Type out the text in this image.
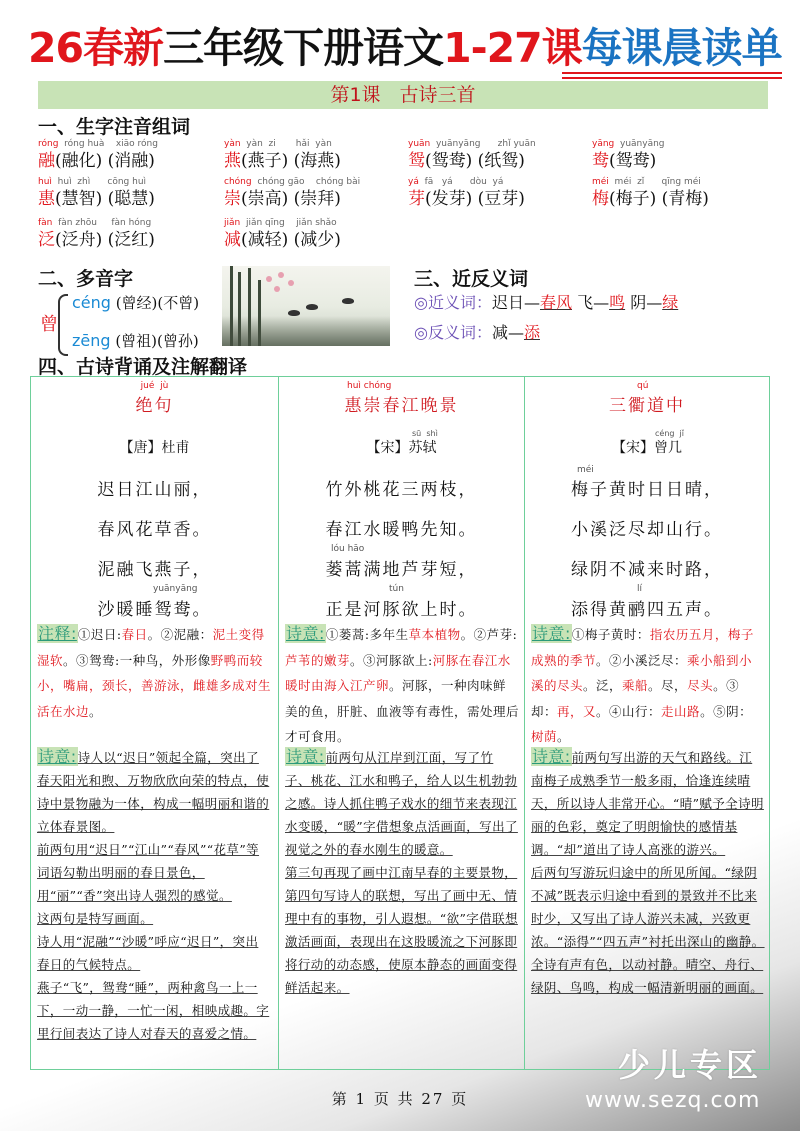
26春新三年级下册语文1-27课每课晨读单
第1课　古诗三首
一、生字注音组词
róng róng huà    xiāo róng
融(融化) (消融)
yàn yàn  zi       hǎi  yàn
燕(燕子) (海燕)
yuān yuānyāng      zhǐ yuān
鸳(鸳鸯) (纸鸳)
yāng yuānyāng
鸯(鸳鸯)
huì huì  zhì      cōng huì
惠(慧智) (聪慧)
chóng chóng gāo    chóng bài
崇(崇高) (崇拜)
yá fā   yá      dòu  yá
芽(发芽) (豆芽)
méi méi  zǐ      qīng méi
梅(梅子) (青梅)
fàn fàn zhōu     fàn hóng
泛(泛舟) (泛红)
jiǎn jiǎn qīng    jiǎn shǎo
减(减轻) (减少)
二、多音字
曾
céng (曾经)(不曾)
zēng (曾祖)(曾孙)
三、近反义词
◎近义词：迟日—春风 飞—鸣 阴—绿
◎反义词：减—添
四、古诗背诵及注解翻译
jué  jù
绝句
【唐】杜甫
迟日江山丽，
春风花草香。
泥融飞燕子，
yuānyāng
沙暖睡鸳鸯。
注释:①迟日:春日。②泥融：泥土变得湿软。③鸳鸯:一种鸟，外形像野鸭而较小，嘴扁，颈长，善游泳，雌雄多成对生活在水边。

诗意:诗人以“迟日”领起全篇，突出了春天阳光和煦、万物欣欣向荣的特点，使诗中景物融为一体，构成一幅明丽和谐的立体春景图。

前两句用“迟日”“江山”“春风”“花草”等词语勾勒出明丽的春日景色，用“丽”“香”突出诗人强烈的感觉。

这两句是特写画面。

诗人用“泥融”“沙暖”呼应“迟日”，突出春日的气候特点。

燕子“飞”，鸳鸯“睡”，两种禽鸟一上一下，一动一静，一忙一闲，相映成趣。字里行间表达了诗人对春天的喜爱之情。

huì chóng
惠崇春江晚景
sū  shì
【宋】苏轼
竹外桃花三两枝，
春江水暖鸭先知。
lóu hāo
蒌蒿满地芦芽短，
tún
正是河豚欲上时。
诗意:①蒌蒿:多年生草本植物。②芦芽:芦苇的嫩芽。③河豚欲上:河豚在春江水暖时由海入江产卵。河豚，一种肉味鲜美的鱼，肝脏、血液等有毒性，需处理后才可食用。

诗意:前两句从江岸到江面，写了竹子、桃花、江水和鸭子，给人以生机勃勃之感。诗人抓住鸭子戏水的细节来表现江水变暖，“暖”字借想象点活画面，写出了视觉之外的春水刚生的暖意。

第三句再现了画中江南早春的主要景物，第四句写诗人的联想，写出了画中无、情理中有的事物，引人遐想。“欲”字借联想激活画面，表现出在这股暖流之下河豚即将行动的动态感，使原本静态的画面变得鲜活起来。

qú
三衢道中
céng  jǐ
【宋】曾几
méi
梅子黄时日日晴，
小溪泛尽却山行。
绿阴不减来时路，
lí
添得黄鹂四五声。
诗意:①梅子黄时：指农历五月，梅子成熟的季节。②小溪泛尽：乘小船到小溪的尽头。泛，乘船。尽，尽头。③却：再，又。④山行：走山路。⑤阴：树荫。

诗意:前两句写出游的天气和路线。江南梅子成熟季节一般多雨，恰逢连续晴天，所以诗人非常开心。“晴”赋予全诗明丽的色彩，奠定了明朗愉快的感情基调。“却”道出了诗人高涨的游兴。

后两句写游玩归途中的所见所闻。“绿阴不减”既表示归途中看到的景致并不比来时少，又写出了诗人游兴未减，兴致更浓。“添得”“四五声”衬托出深山的幽静。全诗有声有色，以动衬静。晴空、舟行、绿阴、鸟鸣，构成一幅清新明丽的画面。

第 1 页 共 27 页
少儿专区
www.sezq.com
